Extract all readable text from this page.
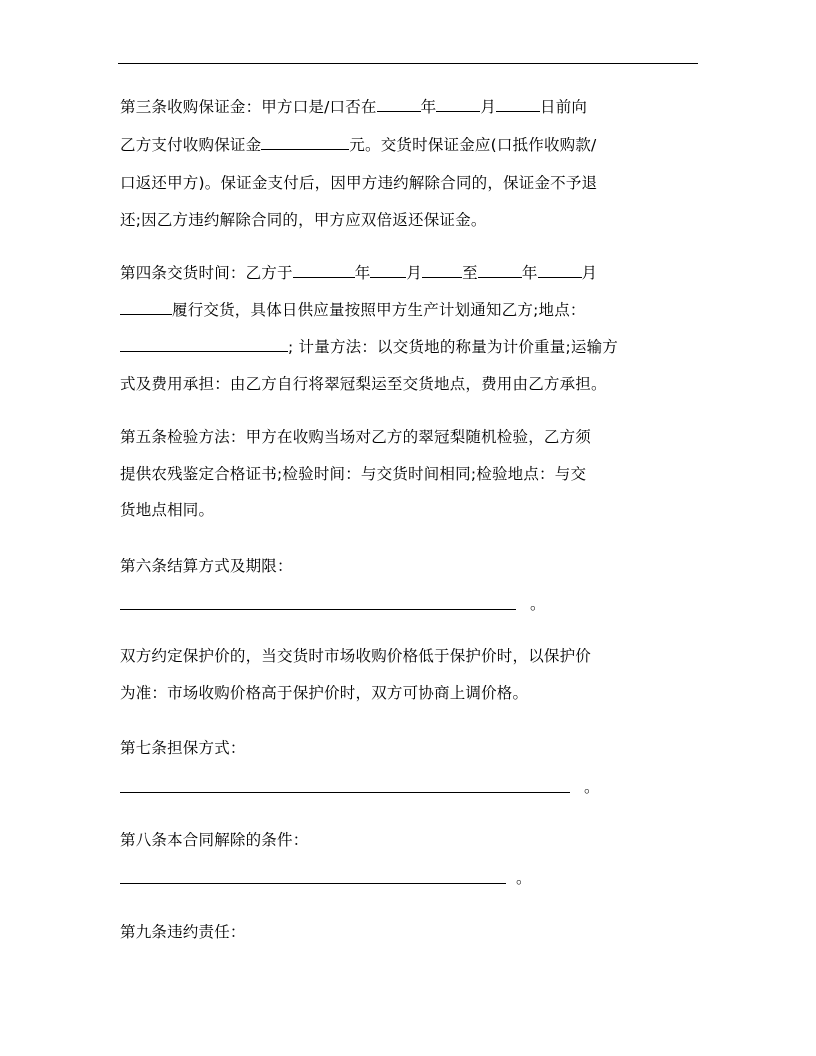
第三条收购保证金：甲方口是/口否在	年	月	日前向
乙方支付收购保证金	元。交货时保证金应(口抵作收购款/
口返还甲方)。保证金支付后，因甲方违约解除合同的，保证金不予退
还;因乙方违约解除合同的，甲方应双倍返还保证金。
第四条交货时间：乙方于	年 月	至	年	月
履行交货，具体日供应量按照甲方生产计划通知乙方;地点：
; 计量方法：以交货地的称量为计价重量;运输方
式及费用承担：由乙方自行将翠冠梨运至交货地点，费用由乙方承担。
第五条检验方法：甲方在收购当场对乙方的翠冠梨随机检验，乙方须
提供农残鉴定合格证书;检验时间：与交货时间相同;检验地点：与交
货地点相同。
第六条结算方式及期限：
。
双方约定保护价的，当交货时市场收购价格低于保护价时，以保护价
为准：市场收购价格高于保护价时，双方可协商上调价格。
第七条担保方式：
。
第八条本合同解除的条件：
。
第九条违约责任：
